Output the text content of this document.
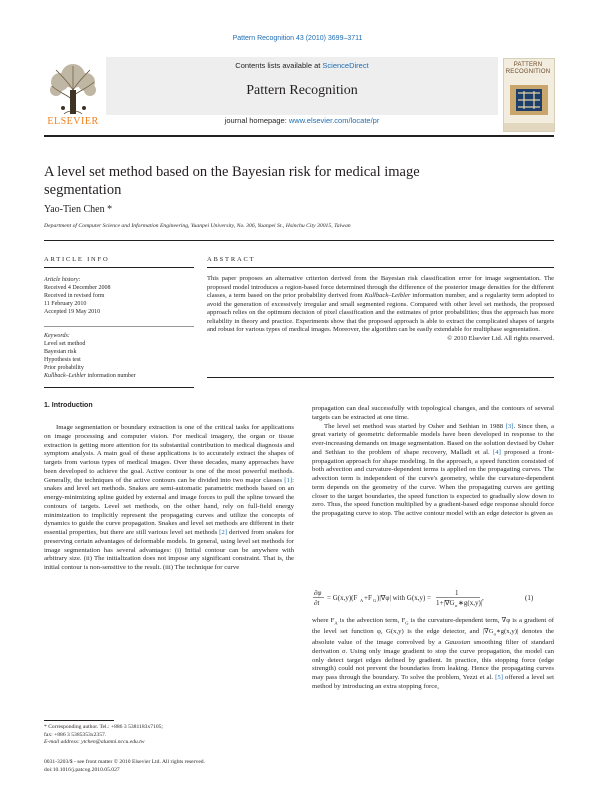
Pattern Recognition 43 (2010) 3699–3711
ELSEVIER
Contents lists available at ScienceDirect
Pattern Recognition
journal homepage: www.elsevier.com/locate/pr
PATTERN RECOGNITION
A level set method based on the Bayesian risk for medical image segmentation
Yao-Tien Chen *
Department of Computer Science and Information Engineering, Yuanpei University, No. 306, Yuanpei St., Hsinchu City 30015, Taiwan
ARTICLE INFO
Article history:
Received 4 December 2008
Received in revised form
11 February 2010
Accepted 19 May 2010
Keywords:
Level set method
Bayesian risk
Hypothesis test
Prior probability
Kullback–Leibler information number
ABSTRACT
This paper proposes an alternative criterion derived from the Bayesian risk classification error for image segmentation. The proposed model introduces a region-based force determined through the difference of the posterior image densities for the different classes, a term based on the prior probability derived from Kullback–Leibler information number, and a regularity term adopted to avoid the generation of excessively irregular and small segmented regions. Compared with other level set methods, the proposed approach relies on the optimum decision of pixel classification and the estimates of prior probabilities; thus the approach has more reliability in theory and practice. Experiments show that the proposed approach is able to extract the complicated shapes of targets and robust for various types of medical images. Moreover, the algorithm can be easily extendable for multiphase segmentation.
© 2010 Elsevier Ltd. All rights reserved.
1. Introduction

Image segmentation or boundary extraction is one of the critical tasks for applications on image processing and computer vision. For medical imagery, the organ or tissue extraction is getting more attention for its substantial contribution to medical diagnosis and symptom analysis. A main goal of these applications is to accurately extract the shapes of targets from various types of medical images. Over these decades, many approaches have been developed to achieve the goal. Active contour is one of the most powerful methods. Generally, the techniques of the active contours can be divided into two major classes [1]: snakes and level set methods. Snakes are semi-automatic parametric methods based on an energy-minimizing spline guided by external and image forces to pull the spline toward the contours of targets. Level set methods, on the other hand, rely on full-field energy minimization to implicitly represent the propagating curves and utilize the concepts of dynamics to guide the curve propagation. Snakes and level set methods are different in their essential properties, but there are still various level set methods [2] derived from snakes for preserving certain advantages of deformable models. In general, using level set methods for image segmentation has several advantages: (i) Initial contour can be anywhere with arbitrary size. (ii) The initialization does not impose any significant constraint. That is, the initial contour is non-sensitive to the result. (iii) The technique for curve

propagation can deal successfully with topological changes, and the contours of several targets can be extracted at one time.

The level set method was started by Osher and Sethian in 1988 [3]. Since then, a great variety of geometric deformable models have been developed in response to the ever-increasing demands on image segmentation. Based on the solution devised by Osher and Sethian to the problem of shape recovery, Malladi et al. [4] proposed a front-propagation approach for shape modeling. In the approach, a speed function consisted of both advection and curvature-dependent terms is applied on the propagating curves. The advection term is independent of the curve's geometry, while the curvature-dependent term depends on the geometry of the curve. When the propagating curves are getting closer to the target boundaries, the speed function is expected to gradually slow down to zero. Thus, the speed function multiplied by a gradient-based edge response should force the propagating curve to stop. The active contour model with an edge detector is given as

∂φ
∂t
= G(x,y)(F A +F G )|∇φ| with G(x,y) =
1
1+|∇G σ ∗g(x,y)|
,	(1)

where $F_A$ is the advection term, $F_G$ is the curvature-dependent term, ∇φ is a gradient of the level set function φ, G(x,y) is the edge detector, and $|\nabla G_\sigma∗g(x,y)|$ denotes the absolute value of the image convolved by a Gaussian smoothing filter of standard derivation σ. Using only image gradient to stop the curve propagation, the model can only detect target edges defined by gradient. In practice, this stopping force (edge strength) could not prevent the boundaries from leaking. Hence the propagating curves may pass through the boundary. To solve the problem, Yezzi et al. [5] offered a level set method by introducing an extra stopping force,

* Corresponding author. Tel.: +886 3 5381183x7105;
fax: +886 3 5385353x2357.
E-mail address: ytchen@alumni.nccu.edu.tw
0031-3203/$ - see front matter © 2010 Elsevier Ltd. All rights reserved.
doi:10.1016/j.patcog.2010.05.027
